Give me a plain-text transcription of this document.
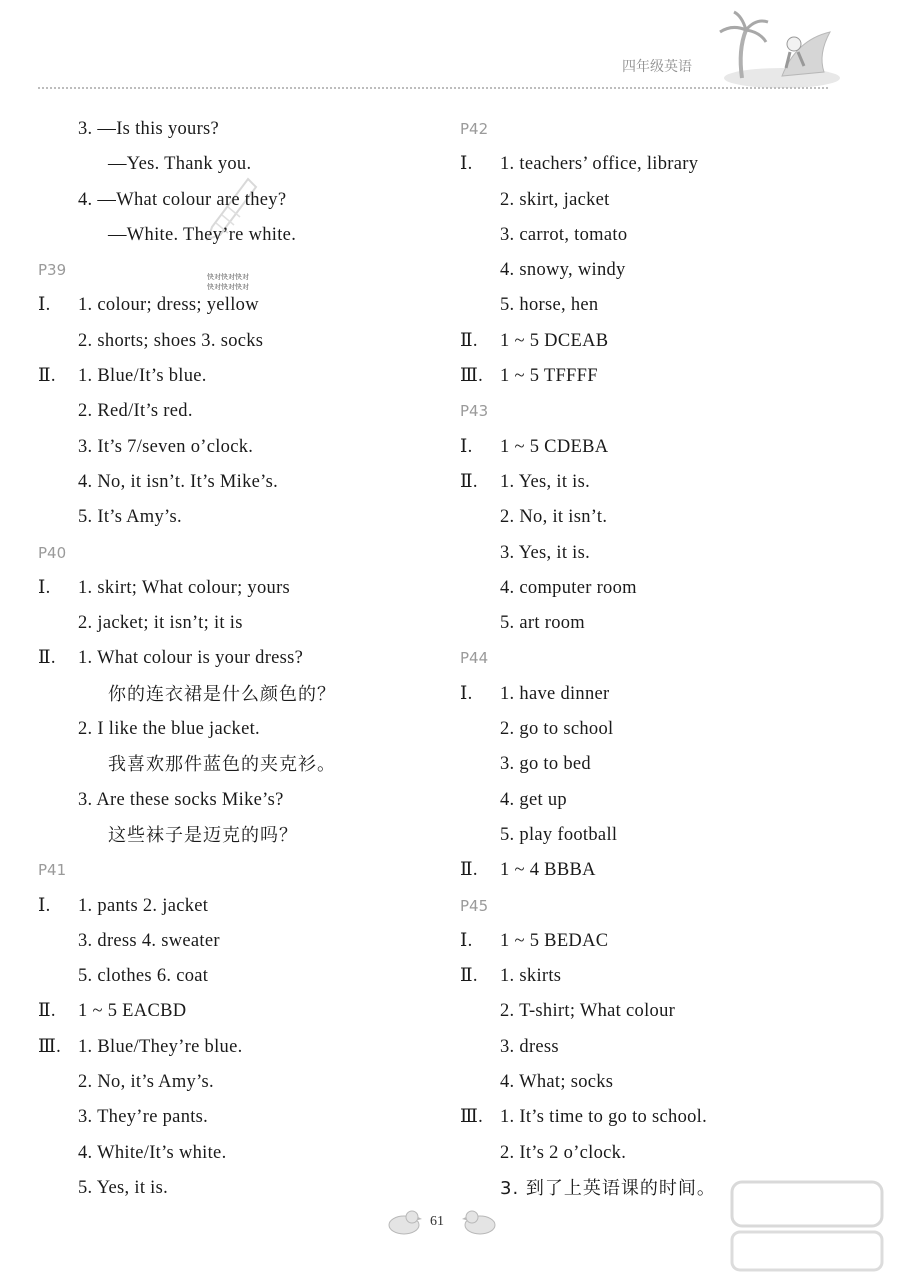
四年级英语
快对快对快对
快对快对快对
3. —Is this yours?
—Yes. Thank you.
4. —What colour are they?
—White. They’re white.
P39
Ⅰ. 1. colour; dress; yellow
2. shorts; shoes 3. socks
Ⅱ. 1. Blue/It’s blue.
2. Red/It’s red.
3. It’s 7/seven o’clock.
4. No, it isn’t. It’s Mike’s.
5. It’s Amy’s.
P40
Ⅰ. 1. skirt; What colour; yours
2. jacket; it isn’t; it is
Ⅱ. 1. What colour is your dress?
你的连衣裙是什么颜色的？
2. I like the blue jacket.
我喜欢那件蓝色的夹克衫。
3. Are these socks Mike’s?
这些袜子是迈克的吗？
P41
Ⅰ. 1. pants 2. jacket
3. dress 4. sweater
5. clothes 6. coat
Ⅱ. 1 ~ 5 EACBD
Ⅲ. 1. Blue/They’re blue.
2. No, it’s Amy’s.
3. They’re pants.
4. White/It’s white.
5. Yes, it is.
P42
Ⅰ. 1. teachers’ office, library
2. skirt, jacket
3. carrot, tomato
4. snowy, windy
5. horse, hen
Ⅱ. 1 ~ 5 DCEAB
Ⅲ. 1 ~ 5 TFFFF
P43
Ⅰ. 1 ~ 5 CDEBA
Ⅱ. 1. Yes, it is.
2. No, it isn’t.
3. Yes, it is.
4. computer room
5. art room
P44
Ⅰ. 1. have dinner
2. go to school
3. go to bed
4. get up
5. play football
Ⅱ. 1 ~ 4 BBBA
P45
Ⅰ. 1 ~ 5 BEDAC
Ⅱ. 1. skirts
2. T-shirt; What colour
3. dress
4. What; socks
Ⅲ. 1. It’s time to go to school.
2. It’s 2 o’clock.
3. 到了上英语课的时间。
61
